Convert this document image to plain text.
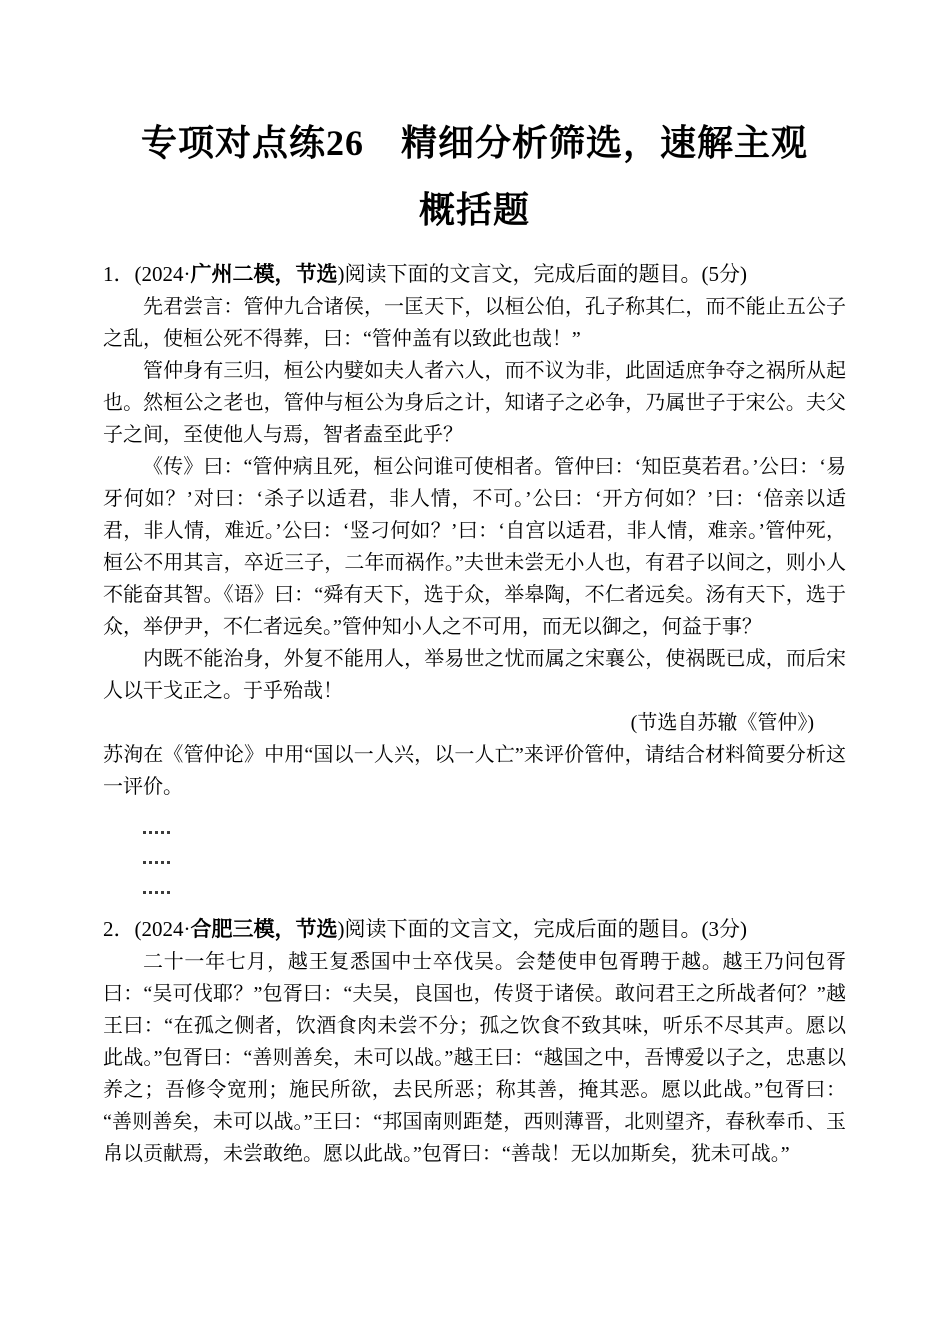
专项对点练26　精细分析筛选，速解主观
概括题

1．(2024·广州二模，节选)阅读下面的文言文，完成后面的题目。(5分)

先君尝言：管仲九合诸侯，一匡天下，以桓公伯，孔子称其仁，而不能止五公子之乱，使桓公死不得葬，曰：“管仲盖有以致此也哉！”

管仲身有三归，桓公内嬖如夫人者六人，而不议为非，此固适庶争夺之祸所从起也。然桓公之老也，管仲与桓公为身后之计，知诸子之必争，乃属世子于宋公。夫父子之间，至使他人与焉，智者盍至此乎？

《传》曰：“管仲病且死，桓公问谁可使相者。管仲曰：‘知臣莫若君。’公曰：‘易牙何如？’对曰：‘杀子以适君，非人情，不可。’公曰：‘开方何如？’曰：‘倍亲以适君，非人情，难近。’公曰：‘竖刁何如？’曰：‘自宫以适君，非人情，难亲。’管仲死，桓公不用其言，卒近三子，二年而祸作。”夫世未尝无小人也，有君子以间之，则小人不能奋其智。《语》曰：“舜有天下，选于众，举皋陶，不仁者远矣。汤有天下，选于众，举伊尹，不仁者远矣。”管仲知小人之不可用，而无以御之，何益于事？

内既不能治身，外复不能用人，举易世之忧而属之宋襄公，使祸既已成，而后宋人以干戈正之。于乎殆哉！

(节选自苏辙《管仲》)

苏洵在《管仲论》中用“国以一人兴，以一人亡”来评价管仲，请结合材料简要分析这一评价。

2．(2024·合肥三模，节选)阅读下面的文言文，完成后面的题目。(3分)

二十一年七月，越王复悉国中士卒伐吴。会楚使申包胥聘于越。越王乃问包胥曰：“吴可伐耶？”包胥曰：“夫吴，良国也，传贤于诸侯。敢问君王之所战者何？”越王曰：“在孤之侧者，饮酒食肉未尝不分；孤之饮食不致其味，听乐不尽其声。愿以此战。”包胥曰：“善则善矣，未可以战。”越王曰：“越国之中，吾博爱以子之，忠惠以养之；吾修令宽刑；施民所欲，去民所恶；称其善，掩其恶。愿以此战。”包胥曰：“善则善矣，未可以战。”王曰：“邦国南则距楚，西则薄晋，北则望齐，春秋奉币、玉帛以贡献焉，未尝敢绝。愿以此战。”包胥曰：“善哉！无以加斯矣，犹未可战。”
